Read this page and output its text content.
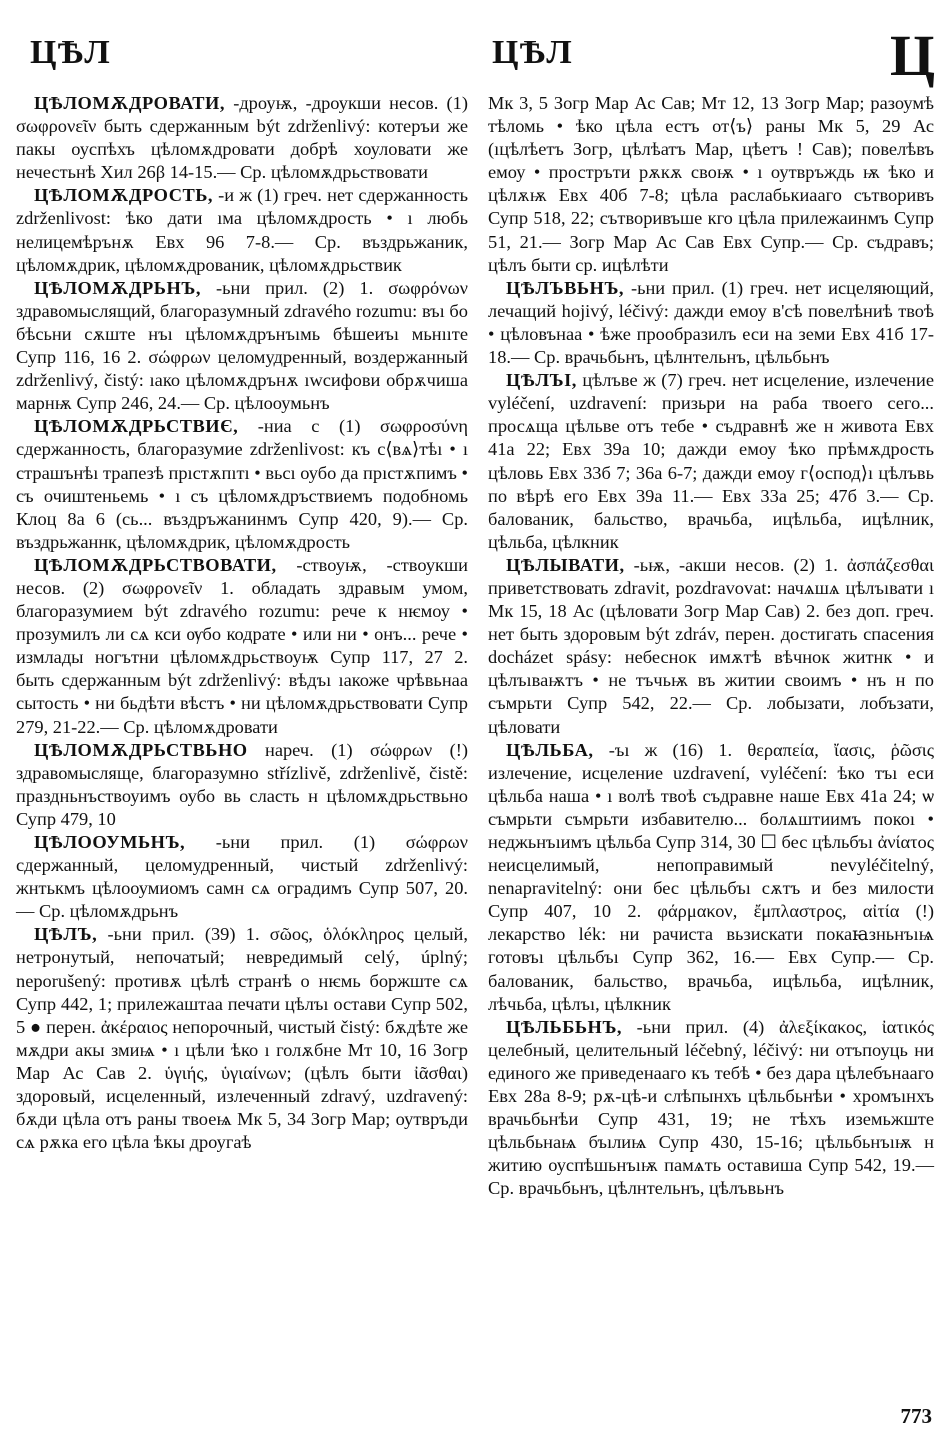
ЦѢЛ	ЦѢЛ	Ц

ЦѢЛОМѪДРОВАТИ, -дроуѭ, -дроукши несов. (1) σωφρονεῖν быть сдержанным být zdrženlivý: котеръи же пакы оуспѣхъ цѣломѫдровати добрѣ хоуловати же нечестьнѣ Хил 26β 14-15.— Ср. цѣломѫдрьствовати

ЦѢЛОМѪДРОСТЬ, -и ж (1) греч. нет сдержанность zdrženlivost: ѣко дати ıма цѣломѫдрость • ı любь нелицемѣрънѫ Евх 96 7-8.— Ср. въздрьжаник, цѣломѫдрик, цѣломѫдрованик, цѣломѫдрьствик

ЦѢЛОМѪДРЬНЪ, -ьни прил. (2) 1. σωφρόνων здравомыслящий, благоразумный zdravého rozumu: въı бо бѣсьни сѫште нъı цѣломѫдрънъıмь бѣшеиъı мьнııте Супр 116, 16 2. σώφρων целомудренный, воздержанный zdrženlivý, čistý: ıако цѣломѫдрънѫ ıwсифови обрѫчиша марнѭ Супр 246, 24.— Ср. цѣлооумьнъ

ЦѢЛОМѪДРЬСТВИЄ, -ниа с (1) σωφροσύνη сдержанность, благоразумие zdrženlivost: къ с⟨вѧ⟩тѣı • ı страшънѣı трапезѣ прıстѫпıтı • вьсı оубо да прıстѫпимъ • съ очиштеньемь • ı съ цѣломѫдръствиемъ подобномь Клоц 8а 6 (сь... въздръжанинмъ Супр 420, 9).— Ср. въздрьжаннк, цѣломѫдрик, цѣломѫдрость

ЦѢЛОМѪДРЬСТВОВАТИ, -ствоуѭ, -ствоукши несов. (2) σωφρονεῖν 1. обладать здравым умом, благоразумием být zdravého rozumu: рече к нѥмоу • прозумилъ ли сѧ кси ѹбо кодрате • или ни • онъ... рече • измлады ногътни цѣломѫдрьствоуѭ Супр 117, 27 2. быть сдержанным být zdrženlivý: вѣдъı ıакоже чрѣвьнаа сытость • ни бьдѣти вѣстъ • ни цѣломѫдрьствовати Супр 279, 21-22.— Ср. цѣломѫдровати

ЦѢЛОМѪДРЬСТВЬНО нареч. (1) σώφρων (!) здравомысляще, благоразумно střízlivě, zdrženlivě, čistě: праздньнъствоуимъ оубо вь сласть н цѣломѫдрьствьно Супр 479, 10

ЦѢЛООУМЬНЪ, -ьни прил. (1) σώφρων сдержанный, целомудренный, чистый zdrženlivý: жнтькмъ цѣлооумиомъ самн сѧ оградимъ Супр 507, 20.— Ср. цѣломѫдрьнъ

ЦѢЛЪ, -ьни прил. (39) 1. σῶος, ὁλόκληρος целый, нетронутый, непочатый; невредимый celý, úplný; neporušený: противѫ цѣлѣ странѣ о нѥмь боржште сѧ Супр 442, 1; прилежаштаа печати цѣлъı остави Супр 502, 5 ● перен. ἀκέραιος непорочный, чистый čistý: бѫдѣте же мѫдри акы змиѩ • ı цѣли ѣко ı голѫбне Мт 10, 16 Зогр Мар Ас Сав 2. ὑγιής, ὑγιαίνων; (цѣлъ быти ἰᾶσθαι) здоровый, исцеленный, излеченный zdravý, uzdravený: бѫди цѣла отъ раны твоеѩ Мк 5, 34 Зогр Мар; оутвръди сѧ рѫка его цѣла ѣкы дроугаѣ

Мк 3, 5 Зогр Мар Ас Сав; Мт 12, 13 Зогр Мар; разоумѣ тѣломь • ѣко цѣла естъ от⟨ъ⟩ раны Мк 5, 29 Ас (ıцѣлѣетъ Зогр, цѣлѣатъ Мар, цѣетъ ! Сав); повелѣвъ емоу • простръти рѫкѫ своѭ • ı оутвръждь ѭ ѣко и цѣлѫѭ Евх 40б 7-8; цѣла раслабькиааго сътворивъ Супр 518, 22; сътворивъше кго цѣла прилежаинмъ Супр 51, 21.— Зогр Мар Ас Сав Евх Супр.— Ср. съдравъ; цѣлъ быти ср. ицѣлѣти

ЦѢЛЪВЬНЪ, -ьни прил. (1) греч. нет исцеляющий, лечащий hojivý, léčivý: дажди емоу в'сѣ повелѣниѣ твоѣ • цѣловънаа • ѣже прообразилъ еси на земи Евх 41б 17-18.— Ср. врачьбьнъ, цѣлнтельнъ, цѣльбьнъ

ЦѢЛЪI, цѣлъве ж (7) греч. нет исцеление, излечение vyléčení, uzdravení: призьри на раба твоего сего... просѧща цѣльве отъ тебе • съдравнѣ же н живота Евх 41а 22; Евх 39а 10; дажди емоу ѣко прѣмѫдрость цѣловь Евх 33б 7; 36а 6-7; дажди емоу г⟨оспод⟩ı цѣлъвь по вѣрѣ его Евх 39а 11.— Евх 33а 25; 47б 3.— Ср. балованик, бальство, врачьба, ицѣльба, ицѣлник, цѣльба, цѣлкник

ЦѢЛЫВАТИ, -ьѭ, -акши несов. (2) 1. ἀσπάζεσθαι приветствовать zdravit, pozdravovat: начѧшѧ цѣлъıвати ı Мк 15, 18 Ас (цѣловати Зогр Мар Сав) 2. без доп. греч. нет быть здоровым být zdráv, перен. достигать спасения docházet spásy: небеснок имѫтѣ вѣчнок житнк • и цѣлъıваѭтъ • не тъчьѭ въ житии своимъ • нъ н по съмрьти Супр 542, 22.— Ср. лобызати, лобъзати, цѣловати

ЦѢЛЬБА, -ъı ж (16) 1. θεραπεία, ἴασις, ῥῶσις излечение, исцеление uzdravení, vyléčení: ѣко тъı еси цѣльба наша • ı волѣ твоѣ съдравне наше Евх 41а 24; ѡ съмрьти съмрьти избавителю... болѧштиимъ покоı • неджьнъıимъ цѣльба Супр 314, 30 ☐ бес цѣльбъı ἀνίατος неисцелимый, непоправимый nevyléčitelný, nenapravitelný: они бес цѣльбъı сѫтъ и без милости Супр 407, 10 2. φάρμακον, ἔμπλαστρος, αἰτία (!) лекарство lék: ни рачиста вьзискати покаꙗзньнъıѩ готовъı цѣльбъı Супр 362, 16.— Евх Супр.— Ср. балованик, бальство, врачьба, ицѣльба, ицѣлник, лѣчьба, цѣлъı, цѣлкник

ЦѢЛЬБЬНЪ, -ьни прил. (4) ἀλεξίκακος, ἰατικός целебный, целительный léčebný, léčivý: ни отъпоуць ни единого же приведенааго къ тебѣ • без дара цѣлебънааго Евх 28а 8-9; рѫ-цѣ-и слѣпынхъ цѣльбьнѣи • хромъıнхъ врачьбьнѣи Супр 431, 19; не тѣхъ иземьжште цѣльбьнаѩ бъıлиѩ Супр 430, 15-16; цѣльбьнъıѭ н житию оуспѣшьнъıѭ памѧть оставиша Супр 542, 19.— Ср. врачьбьнъ, цѣлнтельнъ, цѣлъвьнъ

773
